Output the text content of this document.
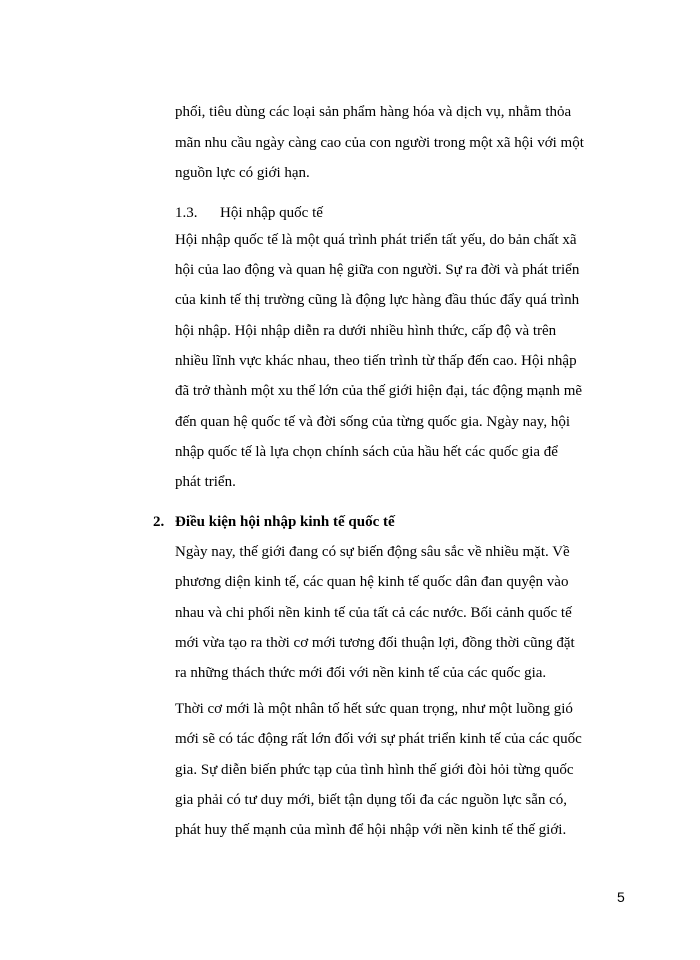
phối, tiêu dùng các loại sản phẩm hàng hóa và dịch vụ, nhằm thỏa
mãn nhu cầu ngày càng cao của con người trong một xã hội với một
nguồn lực có giới hạn.
1.3. Hội nhập quốc tế
Hội nhập quốc tế là một quá trình phát triển tất yếu, do bản chất xã
hội của lao động và quan hệ giữa con người. Sự ra đời và phát triển
của kinh tế thị trường cũng là động lực hàng đầu thúc đẩy quá trình
hội nhập. Hội nhập diễn ra dưới nhiều hình thức, cấp độ và trên
nhiều lĩnh vực khác nhau, theo tiến trình từ thấp đến cao. Hội nhập
đã trở thành một xu thế lớn của thế giới hiện đại, tác động mạnh mẽ
đến quan hệ quốc tế và đời sống của từng quốc gia. Ngày nay, hội
nhập quốc tế là lựa chọn chính sách của hầu hết các quốc gia để
phát triển.
2. Điều kiện hội nhập kinh tế quốc tế
Ngày nay, thế giới đang có sự biến động sâu sắc về nhiều mặt. Về
phương diện kinh tế, các quan hệ kinh tế quốc dân đan quyện vào
nhau và chi phối nền kinh tế của tất cả các nước. Bối cảnh quốc tế
mới vừa tạo ra thời cơ mới tương đối thuận lợi, đồng thời cũng đặt
ra những thách thức mới đối với nền kinh tế của các quốc gia.
Thời cơ mới là một nhân tố hết sức quan trọng, như một luồng gió
mới sẽ có tác động rất lớn đối với sự phát triển kinh tế của các quốc
gia. Sự diễn biến phức tạp của tình hình thế giới đòi hỏi từng quốc
gia phải có tư duy mới, biết tận dụng tối đa các nguồn lực sẵn có,
phát huy thế mạnh của mình để hội nhập với nền kinh tế thế giới.
5
